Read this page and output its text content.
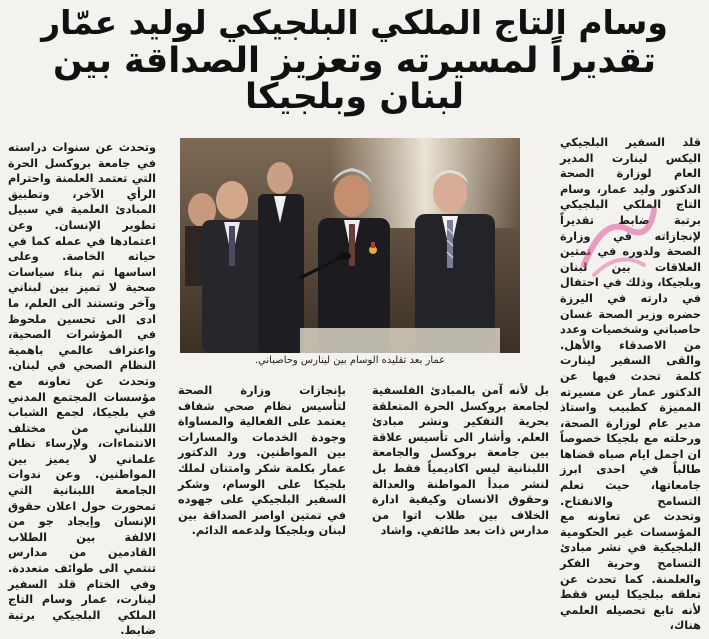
وسام التاج الملكي البلجيكي لوليد عمّار
تقديراً لمسيرته وتعزيز الصداقة بين لبنان وبلجيكا

قلد السفير البلجيكي اليكس لينارت المدير العام لوزارة الصحة الدكتور وليد عمار، وسام التاج الملكي البلجيكي برتبة ضابط تقديراً لإنجازاته في وزارة الصحة ولدوره في تمتين العلاقات بين لبنان وبلجيكا، وذلك في احتفال في دارته في اليرزة حضره وزير الصحة غسان حاصباني وشخصيات وعدد من الاصدقاء والأهل. والقى السفير لينارت كلمة تحدث فيها عن الدكتور عمار عن مسيرته المميزة كطبيب واستاذ مدير عام لوزارة الصحة، ورحلته مع بلجيكا خصوصاً ان اجمل ايام صباه قضاها طالباً في احدى ابرز جامعاتها، حيث تعلم التسامح والانفتاح. وتحدث عن تعاونه مع المؤسسات غير الحكومية البلجيكية في نشر مبادئ التسامح وحرية الفكر والعلمنة. كما تحدث عن تعلقه ببلجيكا ليس فقط لأنه تابع تحصيله العلمي هناك،

عمار بعد تقليده الوسام بين لينارس وحاصباني.

وتحدث عن سنوات دراسته في جامعة بروكسل الحرة التي تعتمد العلمنة واحترام الرأي الآخر، وتطبيق المبادئ العلمية في سبيل تطوير الإنسان. وعن اعتمادها في عمله كما في حياته الخاصة. وعلى اساسها تم بناء سياسات صحية لا تميز بين لبناني وآخر وتستند الى العلم، ما ادى الى تحسين ملحوظ في المؤشرات الصحية، واعتراف عالمي باهمية النظام الصحي في لبنان. وتحدث عن تعاونه مع مؤسسات المجتمع المدني في بلجيكا، لجمع الشباب اللبناني من مختلف الانتماءات، ولإرساء نظام علماني لا يميز بين المواطنين. وعن ندوات الجامعة اللبنانية التي تمحورت حول اعلان حقوق الإنسان وإيجاد جو من الالفة بين الطلاب القادمين من مدارس تنتمي الى طوائف متعددة. وفي الختام قلد السفير لينارت، عمار وسام التاج الملكي البلجيكي برتبة ضابط.

بل لأنه آمن بالمبادئ الفلسفية لجامعة بروكسل الحرة المتعلقة بحرية التفكير ونشر مبادئ العلم. وأشار الى تأسيس علاقة بين جامعة بروكسل والجامعة اللبنانية ليس اكاديمياً فقط بل لنشر مبدأ المواطنة والعدالة وحقوق الانسان وكيفية ادارة الخلاف بين طلاب اتوا من مدارس ذات بعد طائفي. واشاد

بإنجازات وزارة الصحة لتأسيس نظام صحي شفاف يعتمد على الفعالية والمساواة وجودة الخدمات والمسارات بين المواطنين. ورد الدكتور عمار بكلمة شكر وامتنان لملك بلجيكا على الوسام، وشكر السفير البلجيكي على جهوده في تمتين اواصر الصداقة بين لبنان وبلجيكا ولدعمه الدائم.
